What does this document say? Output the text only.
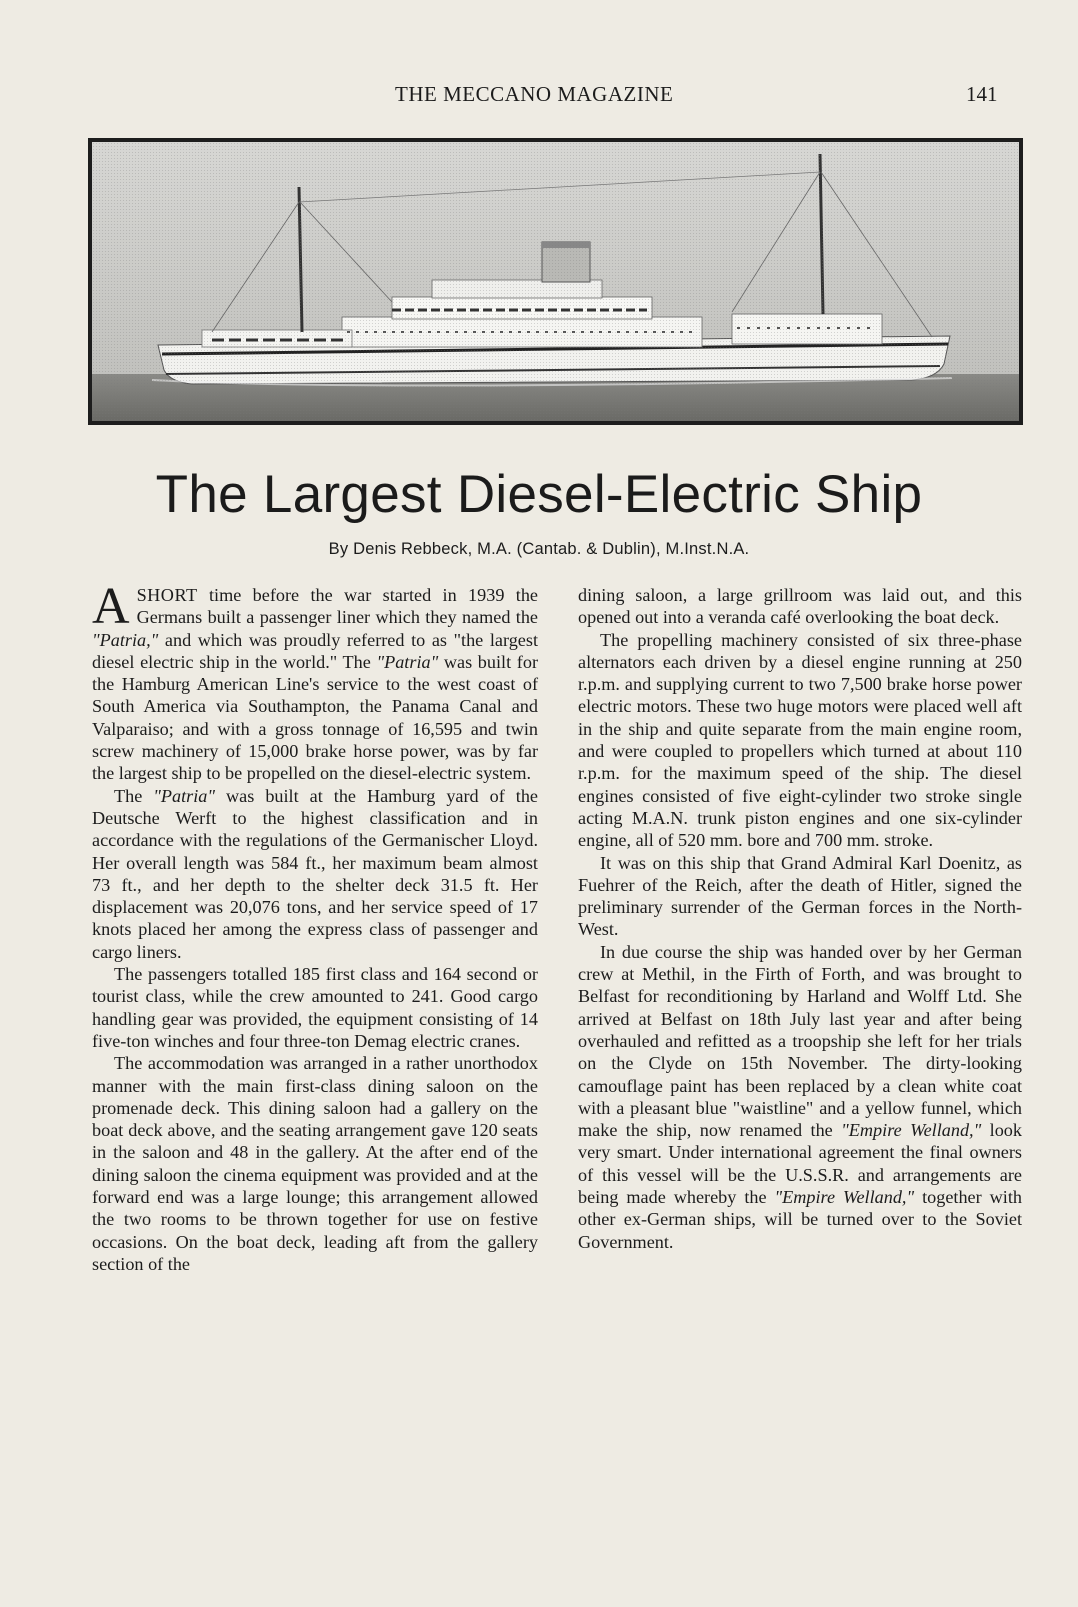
THE MECCANO MAGAZINE	141
The Largest Diesel-Electric Ship
By Denis Rebbeck, M.A. (Cantab. & Dublin), M.Inst.N.A.

ASHORT time before the war started in 1939 the Germans built a passenger liner which they named the "Patria," and which was proudly referred to as "the largest diesel electric ship in the world." The "Patria" was built for the Hamburg American Line's service to the west coast of South America via Southampton, the Panama Canal and Valparaiso; and with a gross tonnage of 16,595 and twin screw machinery of 15,000 brake horse power, was by far the largest ship to be propelled on the diesel-electric system.

The "Patria" was built at the Hamburg yard of the Deutsche Werft to the highest classification and in accordance with the regulations of the Germanischer Lloyd. Her overall length was 584 ft., her maximum beam almost 73 ft., and her depth to the shelter deck 31.5 ft. Her displacement was 20,076 tons, and her service speed of 17 knots placed her among the express class of passenger and cargo liners.

The passengers totalled 185 first class and 164 second or tourist class, while the crew amounted to 241. Good cargo handling gear was provided, the equipment consisting of 14 five-ton winches and four three-ton Demag electric cranes.

The accommodation was arranged in a rather unorthodox manner with the main first-class dining saloon on the promenade deck. This dining saloon had a gallery on the boat deck above, and the seating arrangement gave 120 seats in the saloon and 48 in the gallery. At the after end of the dining saloon the cinema equipment was provided and at the forward end was a large lounge; this arrangement allowed the two rooms to be thrown together for use on festive occasions. On the boat deck, leading aft from the gallery section of the

dining saloon, a large grillroom was laid out, and this opened out into a veranda café overlooking the boat deck.

The propelling machinery consisted of six three-phase alternators each driven by a diesel engine running at 250 r.p.m. and supplying current to two 7,500 brake horse power electric motors. These two huge motors were placed well aft in the ship and quite separate from the main engine room, and were coupled to propellers which turned at about 110 r.p.m. for the maximum speed of the ship. The diesel engines consisted of five eight-cylinder two stroke single acting M.A.N. trunk piston engines and one six-cylinder engine, all of 520 mm. bore and 700 mm. stroke.

It was on this ship that Grand Admiral Karl Doenitz, as Fuehrer of the Reich, after the death of Hitler, signed the preliminary surrender of the German forces in the North-West.

In due course the ship was handed over by her German crew at Methil, in the Firth of Forth, and was brought to Belfast for reconditioning by Harland and Wolff Ltd. She arrived at Belfast on 18th July last year and after being overhauled and refitted as a troopship she left for her trials on the Clyde on 15th November. The dirty-looking camouflage paint has been replaced by a clean white coat with a pleasant blue "waistline" and a yellow funnel, which make the ship, now renamed the "Empire Welland," look very smart. Under international agreement the final owners of this vessel will be the U.S.S.R. and arrangements are being made whereby the "Empire Welland," together with other ex-German ships, will be turned over to the Soviet Government.
